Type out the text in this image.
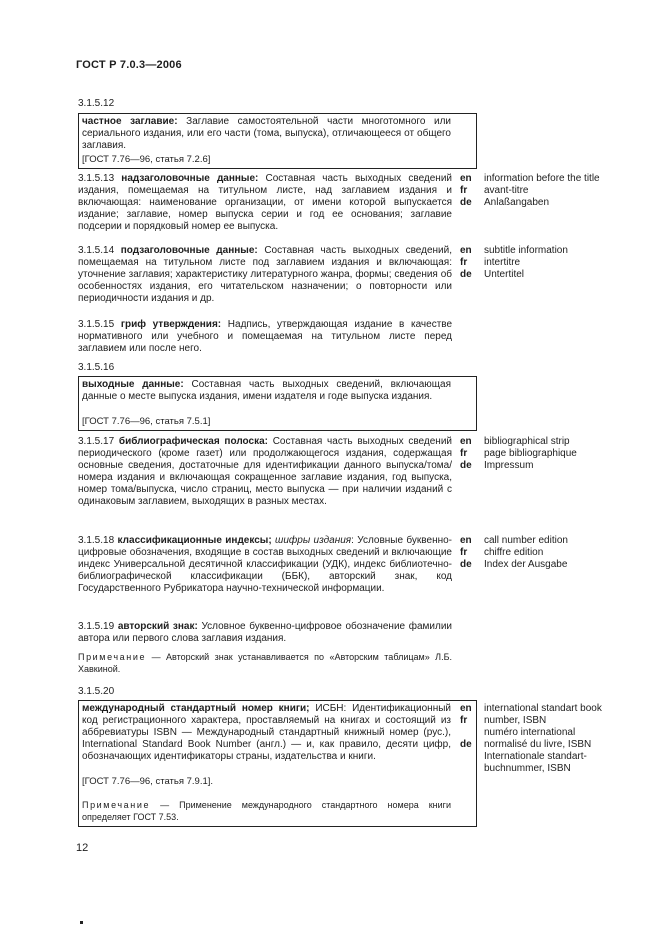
ГОСТ Р 7.0.3—2006
3.1.5.12
частное заглавие: Заглавие самостоятельной части многотомного или сериального издания, или его части (тома, выпуска), отличающееся от общего заглавия.
[ГОСТ 7.76—96, статья 7.2.6]
3.1.5.13 надзаголовочные данные: Составная часть выходных сведений издания, помещаемая на титульном листе, над заглавием издания и включающая: наименование организации, от имени которой выпускается издание; заглавие, номер выпуска серии и год ее основания; заглавие подсерии и порядковый номер ее выпуска.
en
fr
de
information before the title
avant-titre
Anlaßangaben
3.1.5.14 подзаголовочные данные: Составная часть выходных сведений, помещаемая на титульном листе под заглавием издания и включающая: уточнение заглавия; характеристику литературного жанра, формы; сведения об особенностях издания, его читательском назначении; о повторности или периодичности издания и др.
en
fr
de
subtitle information
intertitre
Untertitel
3.1.5.15 гриф утверждения: Надпись, утверждающая издание в качестве нормативного или учебного и помещаемая на титульном листе перед заглавием или после него.
3.1.5.16
выходные данные: Составная часть выходных сведений, включающая данные о месте выпуска издания, имени издателя и годе выпуска издания.
[ГОСТ 7.76—96, статья 7.5.1]
3.1.5.17 библиографическая полоска: Составная часть выходных сведений периодического (кроме газет) или продолжающегося издания, содержащая основные сведения, достаточные для идентификации данного выпуска/тома/номера издания и включающая сокращенное заглавие издания, год выпуска, номер тома/выпуска, число страниц, место выпуска — при наличии изданий с одинаковым заглавием, выходящих в разных местах.
en
fr
de
bibliographical strip
page bibliographique
Impressum
3.1.5.18 классификационные индексы; шифры издания: Условные буквенно-цифровые обозначения, входящие в состав выходных сведений и включающие индекс Универсальной десятичной классификации (УДК), индекс библиотечно-библиографической классификации (ББК), авторский знак, код Государственного Рубрикатора научно-технической информации.
en
fr
de
call number edition
chiffre edition
Index der Ausgabe
3.1.5.19 авторский знак: Условное буквенно-цифровое обозначение фамилии автора или первого слова заглавия издания.
Примечание — Авторский знак устанавливается по «Авторским таблицам» Л.Б. Хавкиной.
3.1.5.20
международный стандартный номер книги; ИСБН: Идентификационный код регистрационного характера, проставляемый на книгах и состоящий из аббревиатуры ISBN — Международный стандартный книжный номер (рус.), International Standard Book Number (англ.) — и, как правило, десяти цифр, обозначающих идентификаторы страны, издательства и книги.
[ГОСТ 7.76—96, статья 7.9.1].
Примечание — Применение международного стандартного номера книги определяет ГОСТ 7.53.
en
fr
de
international standart book number, ISBN
numéro international normalisé du livre, ISBN
Internationale standart-buchnummer, ISBN
12
